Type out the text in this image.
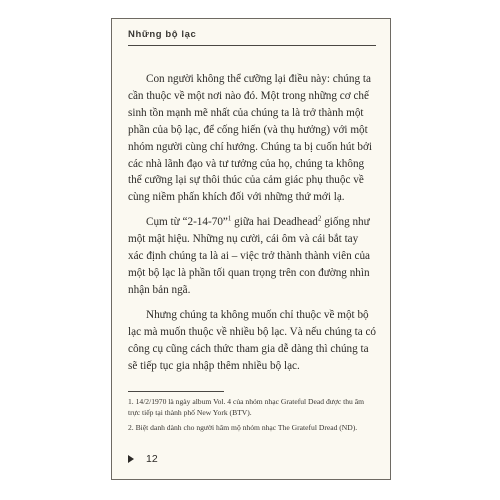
Những bộ lạc

Con người không thể cưỡng lại điều này: chúng ta cần thuộc về một nơi nào đó. Một trong những cơ chế sinh tồn mạnh mẽ nhất của chúng ta là trở thành một phần của bộ lạc, để cống hiến (và thụ hưởng) với một nhóm người cùng chí hướng. Chúng ta bị cuốn hút bởi các nhà lãnh đạo và tư tưởng của họ, chúng ta không thể cưỡng lại sự thôi thúc của cảm giác phụ thuộc về cùng niềm phấn khích đối với những thứ mới lạ.

Cụm từ “2-14-70”$^1$ giữa hai Deadhead$^2$ giống như một mật hiệu. Những nụ cười, cái ôm và cái bắt tay xác định chúng ta là ai – việc trở thành thành viên của một bộ lạc là phần tối quan trọng trên con đường nhìn nhận bản ngã.

Nhưng chúng ta không muốn chỉ thuộc về một bộ lạc mà muốn thuộc về nhiều bộ lạc. Và nếu chúng ta có công cụ cũng cách thức tham gia dễ dàng thì chúng ta sẽ tiếp tục gia nhập thêm nhiều bộ lạc.

1. 14/2/1970 là ngày album Vol. 4 của nhóm nhạc Grateful Dead được thu âm trực tiếp tại thành phố New York (BTV).
2. Biệt danh dành cho người hâm mộ nhóm nhạc The Grateful Dread (ND).
12
